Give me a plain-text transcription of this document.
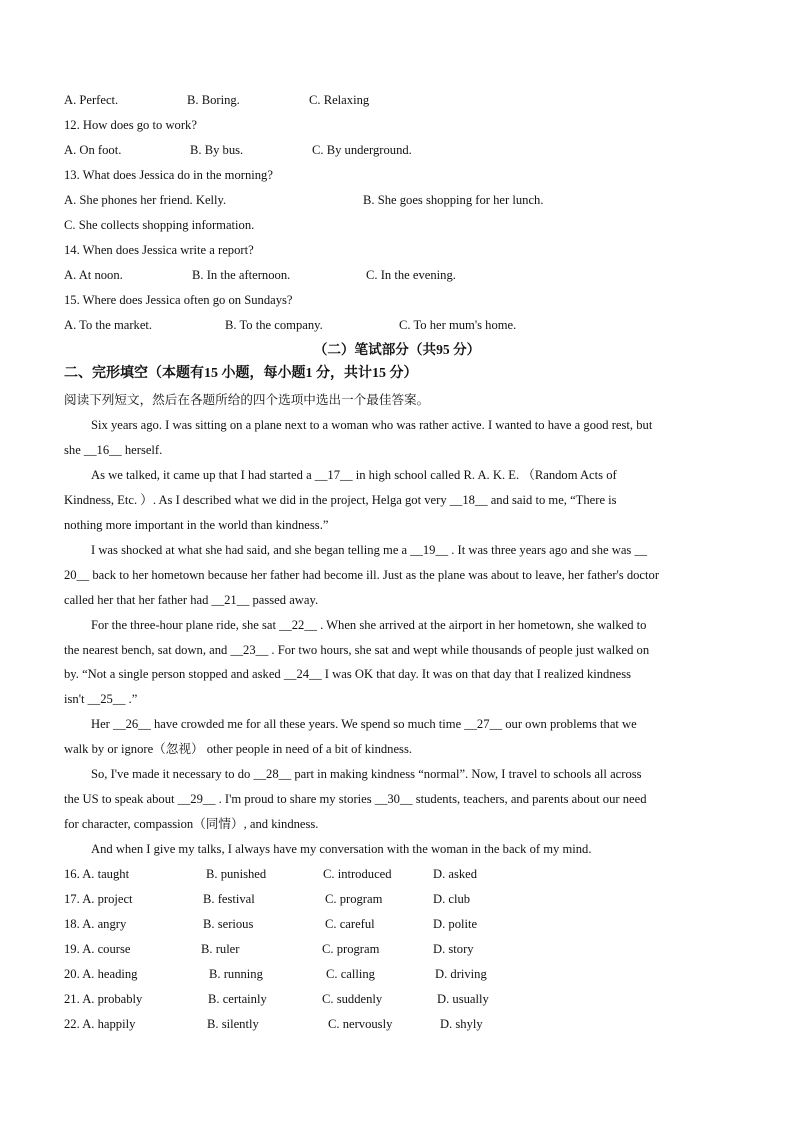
A. Perfect.	B. Boring.	C. Relaxing
12. How does go to work?
A. On foot.	B. By bus.	C. By underground.
13. What does Jessica do in the morning?
A. She phones her friend. Kelly.	B. She goes shopping for her lunch.
C. She collects shopping information.
14. When does Jessica write a report?
A. At noon.	B. In the afternoon.	C. In the evening.
15. Where does Jessica often go on Sundays?
A. To the market.	B. To the company.	C. To her mum's home.
（二）笔试部分（共95 分）
二、完形填空（本题有15 小题，每小题1 分，共计15 分）
阅读下列短文，然后在各题所给的四个选项中选出一个最佳答案。
Six years ago. I was sitting on a plane next to a woman who was rather active. I wanted to have a good rest, but
she __16__ herself.
As we talked, it came up that I had started a __17__ in high school called R. A. K. E. （Random Acts of
Kindness, Etc. ）. As I described what we did in the project, Helga got very __18__ and said to me, “There is
nothing more important in the world than kindness.”
I was shocked at what she had said, and she began telling me a __19__ . It was three years ago and she was __
20__ back to her hometown because her father had become ill. Just as the plane was about to leave, her father's doctor
called her that her father had __21__ passed away.
For the three-hour plane ride, she sat __22__ . When she arrived at the airport in her hometown, she walked to
the nearest bench, sat down, and __23__ . For two hours, she sat and wept while thousands of people just walked on
by. “Not a single person stopped and asked __24__ I was OK that day. It was on that day that I realized kindness
isn't __25__ .”
Her __26__ have crowded me for all these years. We spend so much time __27__ our own problems that we
walk by or ignore（忽视） other people in need of a bit of kindness.
So, I've made it necessary to do __28__ part in making kindness “normal”. Now, I travel to schools all across
the US to speak about __29__ . I'm proud to share my stories __30__ students, teachers, and parents about our need
for character, compassion（同情）, and kindness.
And when I give my talks, I always have my conversation with the woman in the back of my mind.
16. A. taught	B. punished	C. introduced	D. asked
17. A. project	B. festival	C. program	D. club
18. A. angry	B. serious	C. careful	D. polite
19. A. course	B. ruler	C. program	D. story
20. A. heading	B. running	C. calling	D. driving
21. A. probably	B. certainly	C. suddenly	D. usually
22. A. happily	B. silently	C. nervously	D. shyly
